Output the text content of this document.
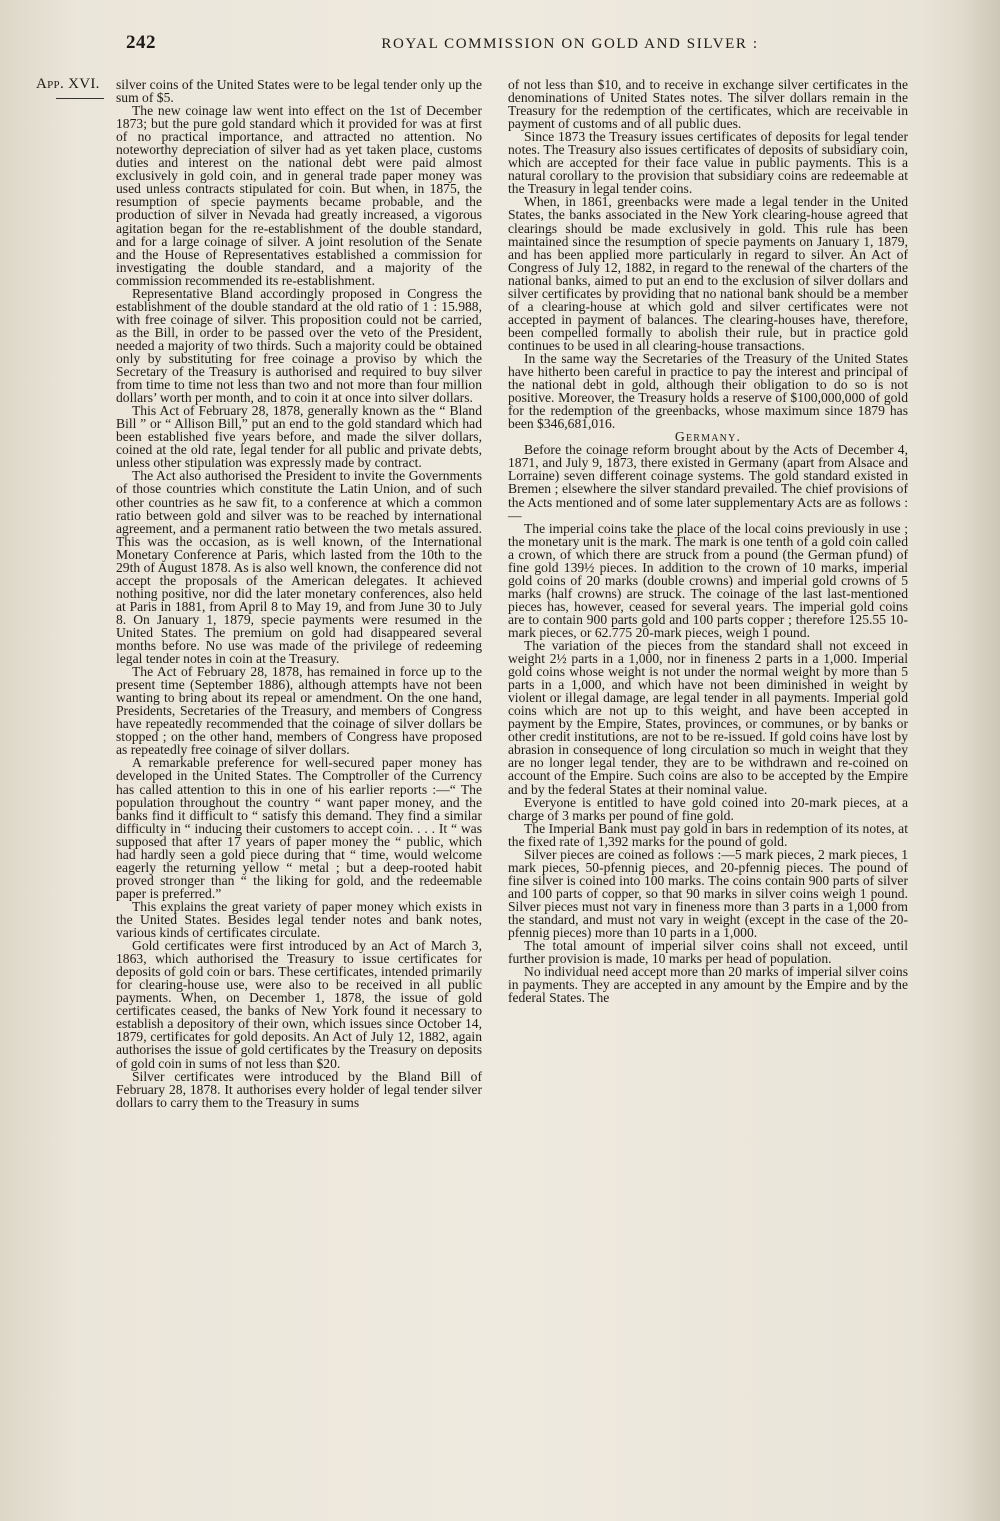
242	ROYAL COMMISSION ON GOLD AND SILVER :
App. XVI.	silver coins of the United States were to be legal tender only up the sum of $5.

The new coinage law went into effect on the 1st of December 1873; but the pure gold standard which it provided for was at first of no practical importance, and attracted no attention. No noteworthy depreciation of silver had as yet taken place, customs duties and interest on the national debt were paid almost exclusively in gold coin, and in general trade paper money was used unless contracts stipulated for coin. But when, in 1875, the resumption of specie payments became probable, and the production of silver in Nevada had greatly increased, a vigorous agitation began for the re-establishment of the double standard, and for a large coinage of silver. A joint resolution of the Senate and the House of Representatives established a commission for investigating the double standard, and a majority of the commission recommended its re-establishment.

Representative Bland accordingly proposed in Congress the establishment of the double standard at the old ratio of 1 : 15.988, with free coinage of silver. This proposition could not be carried, as the Bill, in order to be passed over the veto of the President, needed a majority of two thirds. Such a majority could be obtained only by substituting for free coinage a proviso by which the Secretary of the Treasury is authorised and required to buy silver from time to time not less than two and not more than four million dollars’ worth per month, and to coin it at once into silver dollars.

This Act of February 28, 1878, generally known as the “ Bland Bill ” or “ Allison Bill,” put an end to the gold standard which had been established five years before, and made the silver dollars, coined at the old rate, legal tender for all public and private debts, unless other stipulation was expressly made by contract.

The Act also authorised the President to invite the Governments of those countries which constitute the Latin Union, and of such other countries as he saw fit, to a conference at which a common ratio between gold and silver was to be reached by international agreement, and a permanent ratio between the two metals assured. This was the occasion, as is well known, of the International Monetary Conference at Paris, which lasted from the 10th to the 29th of August 1878. As is also well known, the conference did not accept the proposals of the American delegates. It achieved nothing positive, nor did the later monetary conferences, also held at Paris in 1881, from April 8 to May 19, and from June 30 to July 8. On January 1, 1879, specie payments were resumed in the United States. The premium on gold had disappeared several months before. No use was made of the privilege of redeeming legal tender notes in coin at the Treasury.

The Act of February 28, 1878, has remained in force up to the present time (September 1886), although attempts have not been wanting to bring about its repeal or amendment. On the one hand, Presidents, Secretaries of the Treasury, and members of Congress have repeatedly recommended that the coinage of silver dollars be stopped ; on the other hand, members of Congress have proposed as repeatedly free coinage of silver dollars.

A remarkable preference for well-secured paper money has developed in the United States. The Comptroller of the Currency has called attention to this in one of his earlier reports :—“ The population throughout the country “ want paper money, and the banks find it difficult to “ satisfy this demand. They find a similar difficulty in “ inducing their customers to accept coin. . . . It “ was supposed that after 17 years of paper money the “ public, which had hardly seen a gold piece during that “ time, would welcome eagerly the returning yellow “ metal ; but a deep-rooted habit proved stronger than “ the liking for gold, and the redeemable paper is preferred.”

This explains the great variety of paper money which exists in the United States. Besides legal tender notes and bank notes, various kinds of certificates circulate.

Gold certificates were first introduced by an Act of March 3, 1863, which authorised the Treasury to issue certificates for deposits of gold coin or bars. These certificates, intended primarily for clearing-house use, were also to be received in all public payments. When, on December 1, 1878, the issue of gold certificates ceased, the banks of New York found it necessary to establish a depository of their own, which issues since October 14, 1879, certificates for gold deposits. An Act of July 12, 1882, again authorises the issue of gold certificates by the Treasury on deposits of gold coin in sums of not less than $20.

Silver certificates were introduced by the Bland Bill of February 28, 1878. It authorises every holder of legal tender silver dollars to carry them to the Treasury in sums

of not less than $10, and to receive in exchange silver certificates in the denominations of United States notes. The silver dollars remain in the Treasury for the redemption of the certificates, which are receivable in payment of customs and of all public dues.

Since 1873 the Treasury issues certificates of deposits for legal tender notes. The Treasury also issues certificates of deposits of subsidiary coin, which are accepted for their face value in public payments. This is a natural corollary to the provision that subsidiary coins are redeemable at the Treasury in legal tender coins.

When, in 1861, greenbacks were made a legal tender in the United States, the banks associated in the New York clearing-house agreed that clearings should be made exclusively in gold. This rule has been maintained since the resumption of specie payments on January 1, 1879, and has been applied more particularly in regard to silver. An Act of Congress of July 12, 1882, in regard to the renewal of the charters of the national banks, aimed to put an end to the exclusion of silver dollars and silver certificates by providing that no national bank should be a member of a clearing-house at which gold and silver certificates were not accepted in payment of balances. The clearing-houses have, therefore, been compelled formally to abolish their rule, but in practice gold continues to be used in all clearing-house transactions.

In the same way the Secretaries of the Treasury of the United States have hitherto been careful in practice to pay the interest and principal of the national debt in gold, although their obligation to do so is not positive. Moreover, the Treasury holds a reserve of $100,000,000 of gold for the redemption of the greenbacks, whose maximum since 1879 has been $346,681,016.

Germany.

Before the coinage reform brought about by the Acts of December 4, 1871, and July 9, 1873, there existed in Germany (apart from Alsace and Lorraine) seven different coinage systems. The gold standard existed in Bremen ; elsewhere the silver standard prevailed. The chief provisions of the Acts mentioned and of some later supplementary Acts are as follows :—

The imperial coins take the place of the local coins previously in use ; the monetary unit is the mark. The mark is one tenth of a gold coin called a crown, of which there are struck from a pound (the German pfund) of fine gold 139½ pieces. In addition to the crown of 10 marks, imperial gold coins of 20 marks (double crowns) and imperial gold crowns of 5 marks (half crowns) are struck. The coinage of the last last-mentioned pieces has, however, ceased for several years. The imperial gold coins are to contain 900 parts gold and 100 parts copper ; therefore 125.55 10-mark pieces, or 62.775 20-mark pieces, weigh 1 pound.

The variation of the pieces from the standard shall not exceed in weight 2½ parts in a 1,000, nor in fineness 2 parts in a 1,000. Imperial gold coins whose weight is not under the normal weight by more than 5 parts in a 1,000, and which have not been diminished in weight by violent or illegal damage, are legal tender in all payments. Imperial gold coins which are not up to this weight, and have been accepted in payment by the Empire, States, provinces, or communes, or by banks or other credit institutions, are not to be re-issued. If gold coins have lost by abrasion in consequence of long circulation so much in weight that they are no longer legal tender, they are to be withdrawn and re-coined on account of the Empire. Such coins are also to be accepted by the Empire and by the federal States at their nominal value.

Everyone is entitled to have gold coined into 20-mark pieces, at a charge of 3 marks per pound of fine gold.

The Imperial Bank must pay gold in bars in redemption of its notes, at the fixed rate of 1,392 marks for the pound of gold.

Silver pieces are coined as follows :—5 mark pieces, 2 mark pieces, 1 mark pieces, 50-pfennig pieces, and 20-pfennig pieces. The pound of fine silver is coined into 100 marks. The coins contain 900 parts of silver and 100 parts of copper, so that 90 marks in silver coins weigh 1 pound. Silver pieces must not vary in fineness more than 3 parts in a 1,000 from the standard, and must not vary in weight (except in the case of the 20-pfennig pieces) more than 10 parts in a 1,000.

The total amount of imperial silver coins shall not exceed, until further provision is made, 10 marks per head of population.

No individual need accept more than 20 marks of imperial silver coins in payments. They are accepted in any amount by the Empire and by the federal States. The
